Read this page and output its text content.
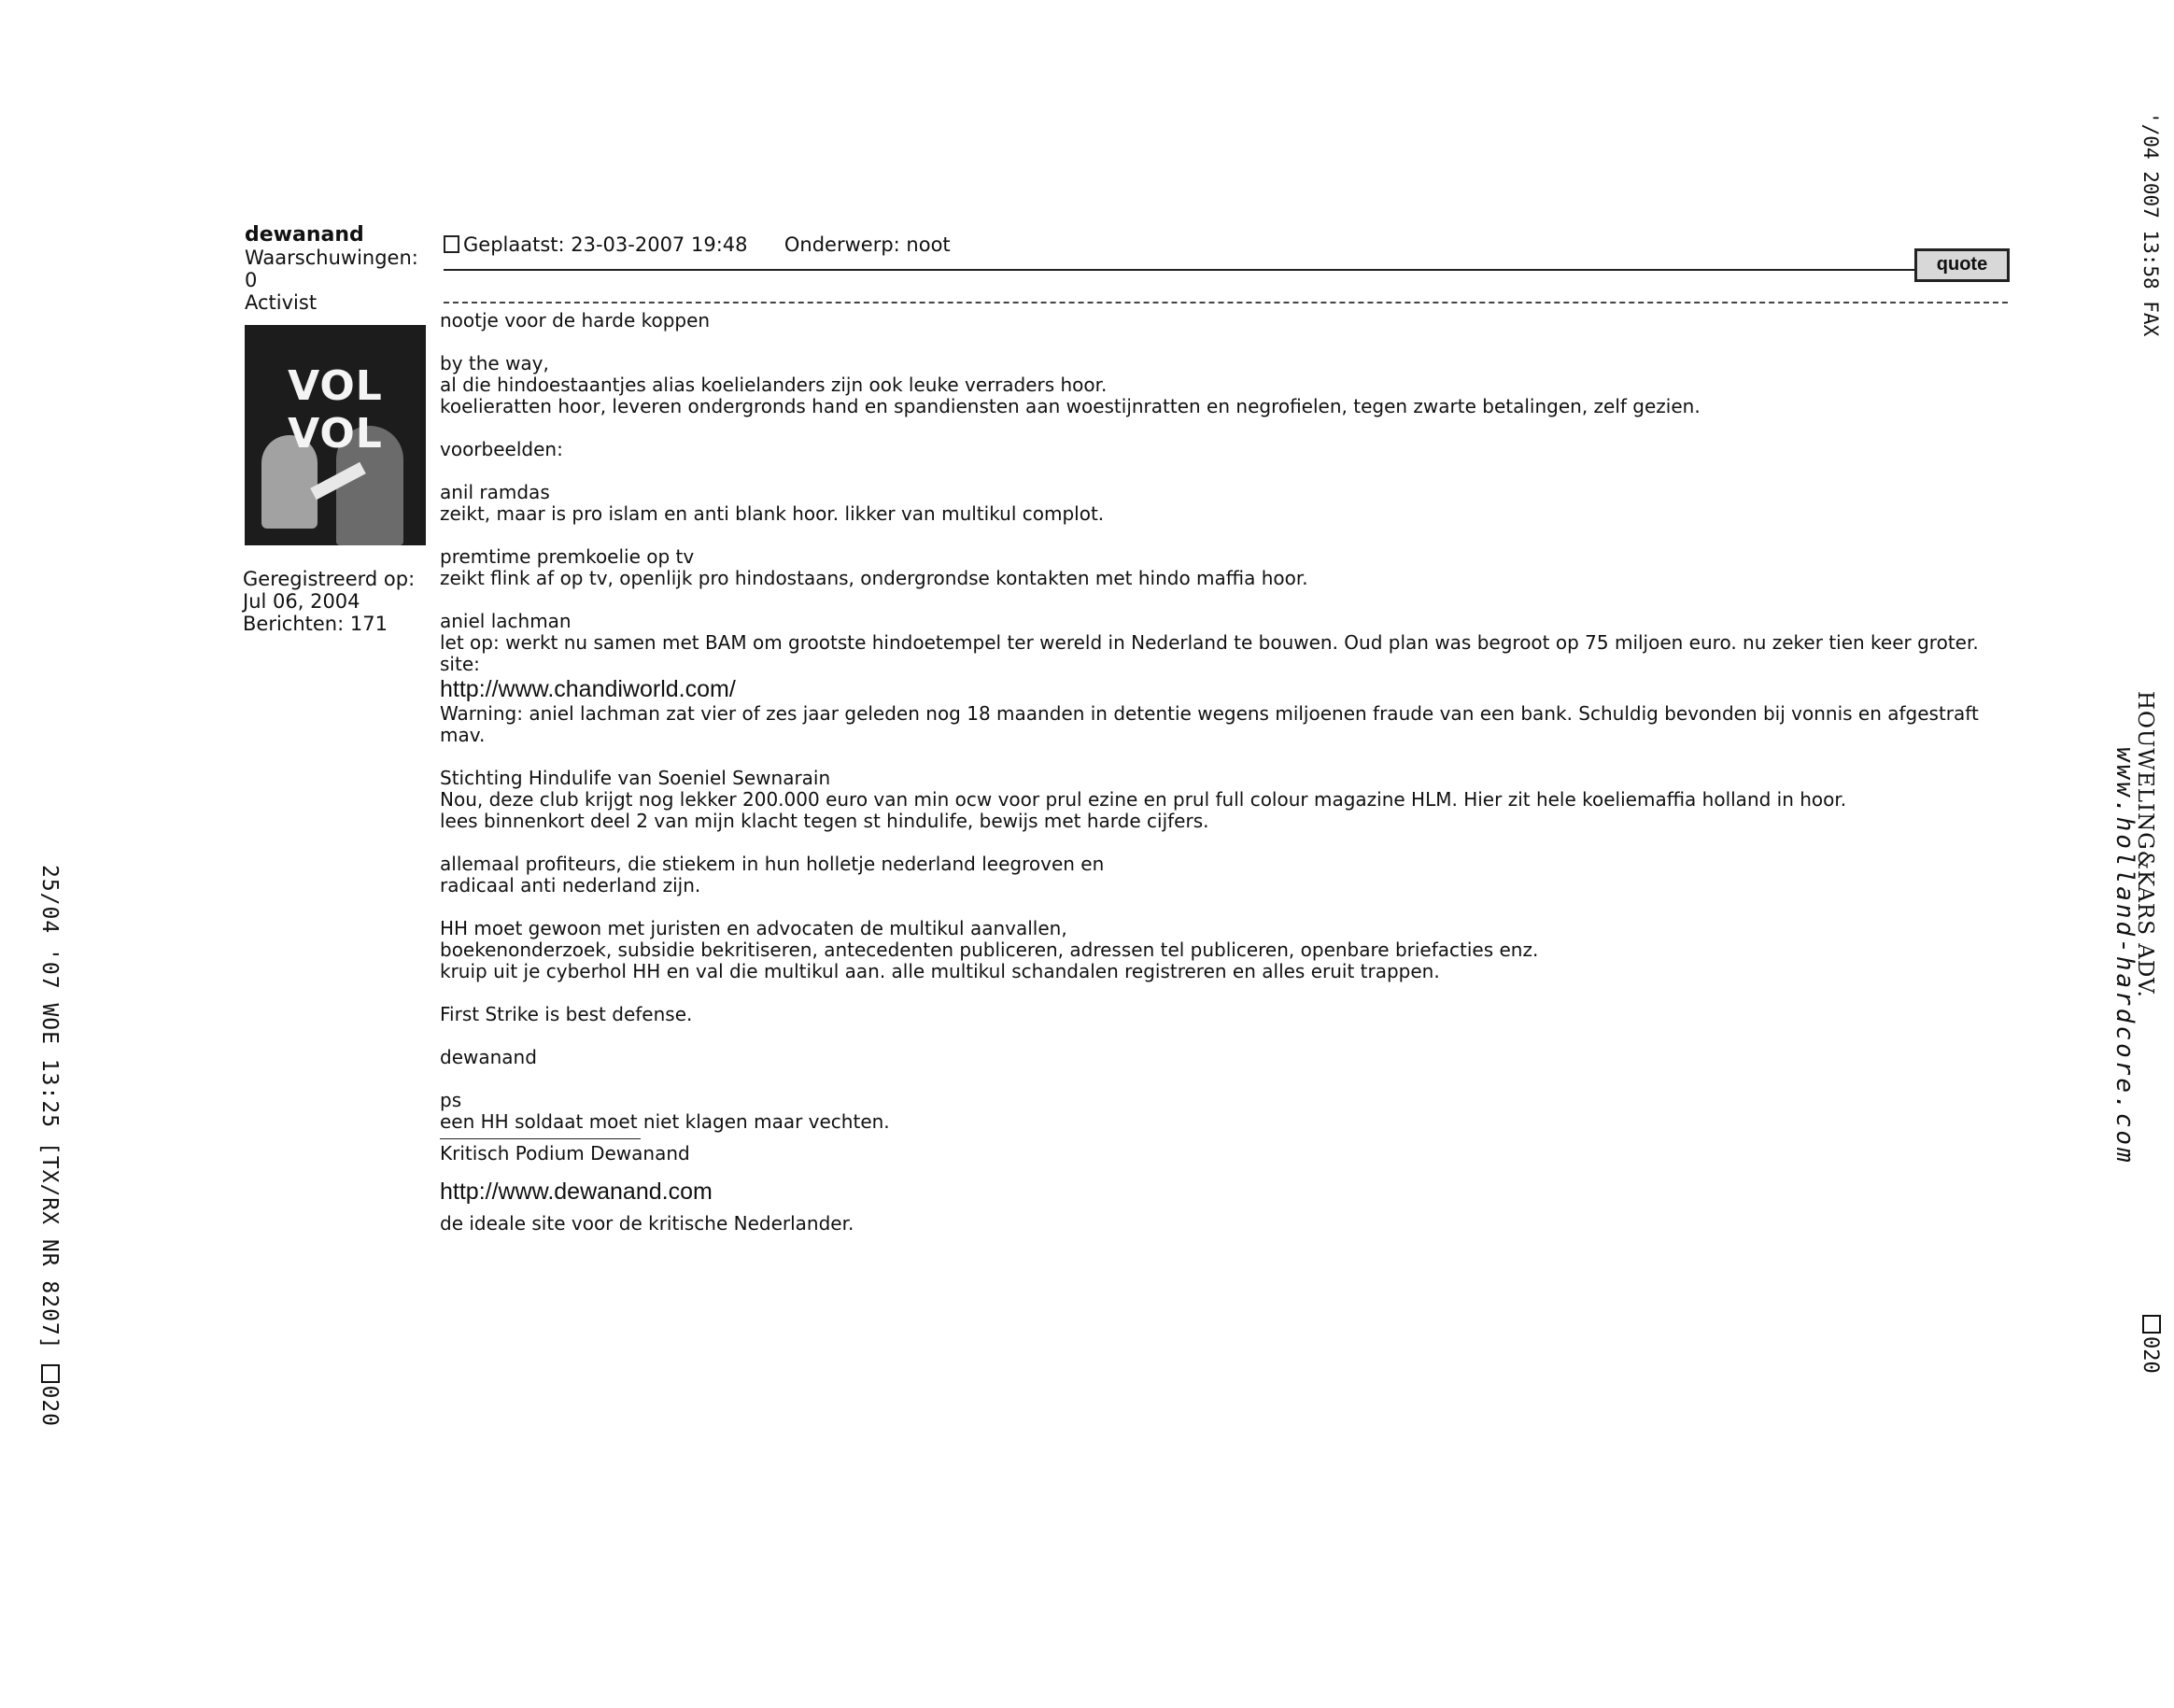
dewanand
Waarschuwingen:
0
Activist
VOL VOL
Geregistreerd op:
Jul 06, 2004
Berichten: 171
Geplaatst: 23-03-2007 19:48 Onderwerp: noot
quote

nootje voor de harde koppen

by the way,

al die hindoestaantjes alias koelielanders zijn ook leuke verraders hoor.

koelieratten hoor, leveren ondergronds hand en spandiensten aan woestijnratten en negrofielen, tegen zwarte betalingen, zelf gezien.

voorbeelden:

anil ramdas

zeikt, maar is pro islam en anti blank hoor. likker van multikul complot.

premtime premkoelie op tv

zeikt flink af op tv, openlijk pro hindostaans, ondergrondse kontakten met hindo maffia hoor.

aniel lachman

let op: werkt nu samen met BAM om grootste hindoetempel ter wereld in Nederland te bouwen. Oud plan was begroot op 75 miljoen euro. nu zeker tien keer groter. site:

http://www.chandiworld.com/

Warning: aniel lachman zat vier of zes jaar geleden nog 18 maanden in detentie wegens miljoenen fraude van een bank. Schuldig bevonden bij vonnis en afgestraft mav.

Stichting Hindulife van Soeniel Sewnarain

Nou, deze club krijgt nog lekker 200.000 euro van min ocw voor prul ezine en prul full colour magazine HLM. Hier zit hele koeliemaffia holland in hoor.

lees binnenkort deel 2 van mijn klacht tegen st hindulife, bewijs met harde cijfers.

allemaal profiteurs, die stiekem in hun holletje nederland leegroven en

radicaal anti nederland zijn.

HH moet gewoon met juristen en advocaten de multikul aanvallen,

boekenonderzoek, subsidie bekritiseren, antecedenten publiceren, adressen tel publiceren, openbare briefacties enz.

kruip uit je cyberhol HH en val die multikul aan. alle multikul schandalen registreren en alles eruit trappen.

First Strike is best defense.

dewanand

ps

een HH soldaat moet niet klagen maar vechten.

Kritisch Podium Dewanand

http://www.dewanand.com

de ideale site voor de kritische Nederlander.

25/04 '07 WOE 13:25 [TX/RX NR 8207] 020
'/04 2007 13:58 FAX
HOUWELING&KARS ADV.
www.holland-hardcore.com
020
